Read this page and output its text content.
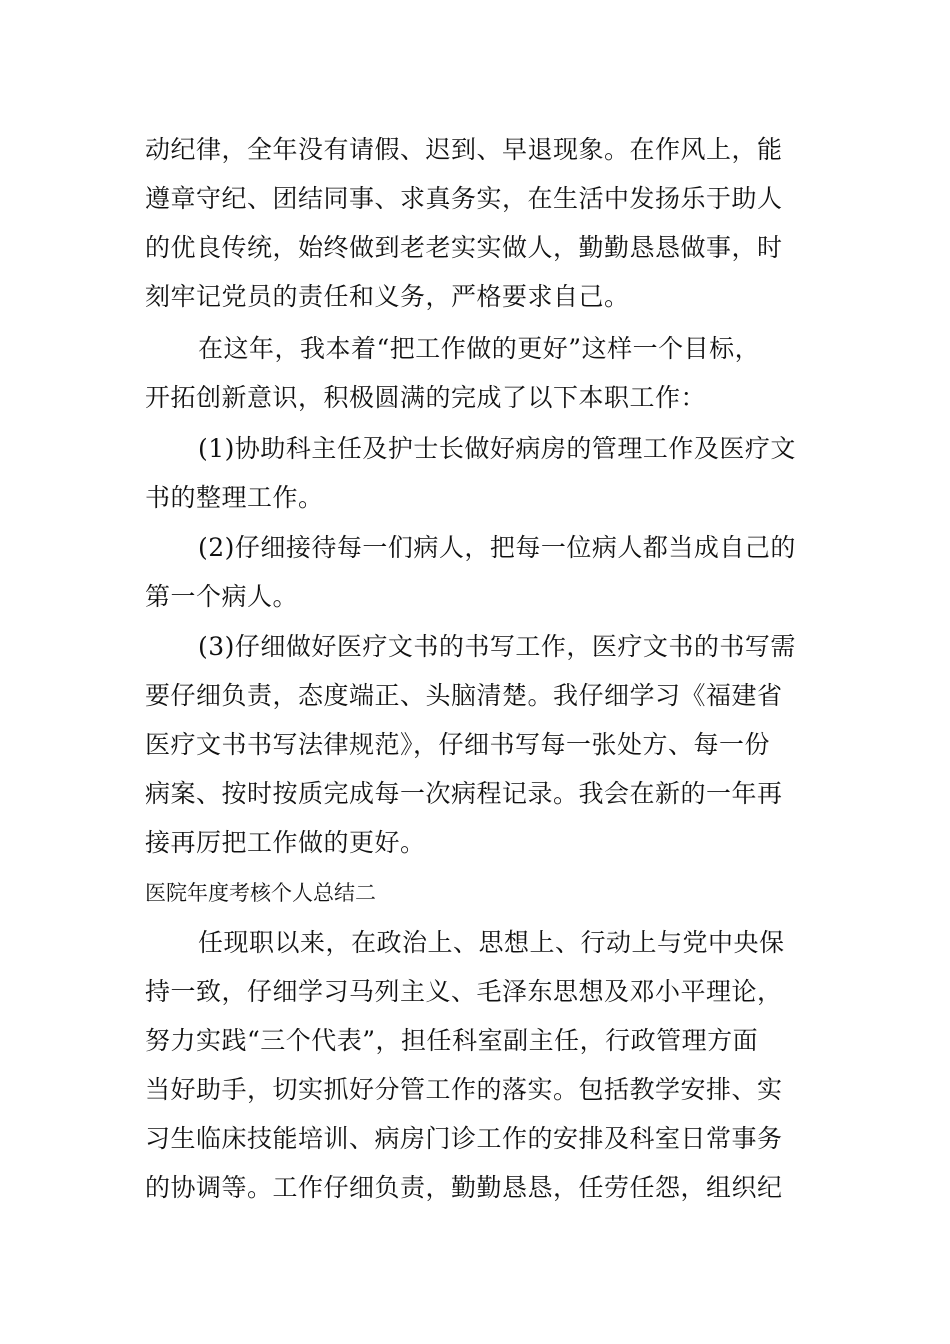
动纪律，全年没有请假、迟到、早退现象。在作风上，能
遵章守纪、团结同事、求真务实，在生活中发扬乐于助人
的优良传统，始终做到老老实实做人，勤勤恳恳做事，时
刻牢记党员的责任和义务，严格要求自己。
在这年，我本着“把工作做的更好”这样一个目标，
开拓创新意识，积极圆满的完成了以下本职工作：
(1)协助科主任及护士长做好病房的管理工作及医疗文
书的整理工作。
(2)仔细接待每一们病人，把每一位病人都当成自己的
第一个病人。
(3)仔细做好医疗文书的书写工作，医疗文书的书写需
要仔细负责，态度端正、头脑清楚。我仔细学习《福建省
医疗文书书写法律规范》，仔细书写每一张处方、每一份
病案、按时按质完成每一次病程记录。我会在新的一年再
接再厉把工作做的更好。
医院年度考核个人总结二
任现职以来，在政治上、思想上、行动上与党中央保
持一致，仔细学习马列主义、毛泽东思想及邓小平理论，
努力实践“三个代表”，担任科室副主任，行政管理方面
当好助手，切实抓好分管工作的落实。包括教学安排、实
习生临床技能培训、病房门诊工作的安排及科室日常事务
的协调等。工作仔细负责，勤勤恳恳，任劳任怨，组织纪
